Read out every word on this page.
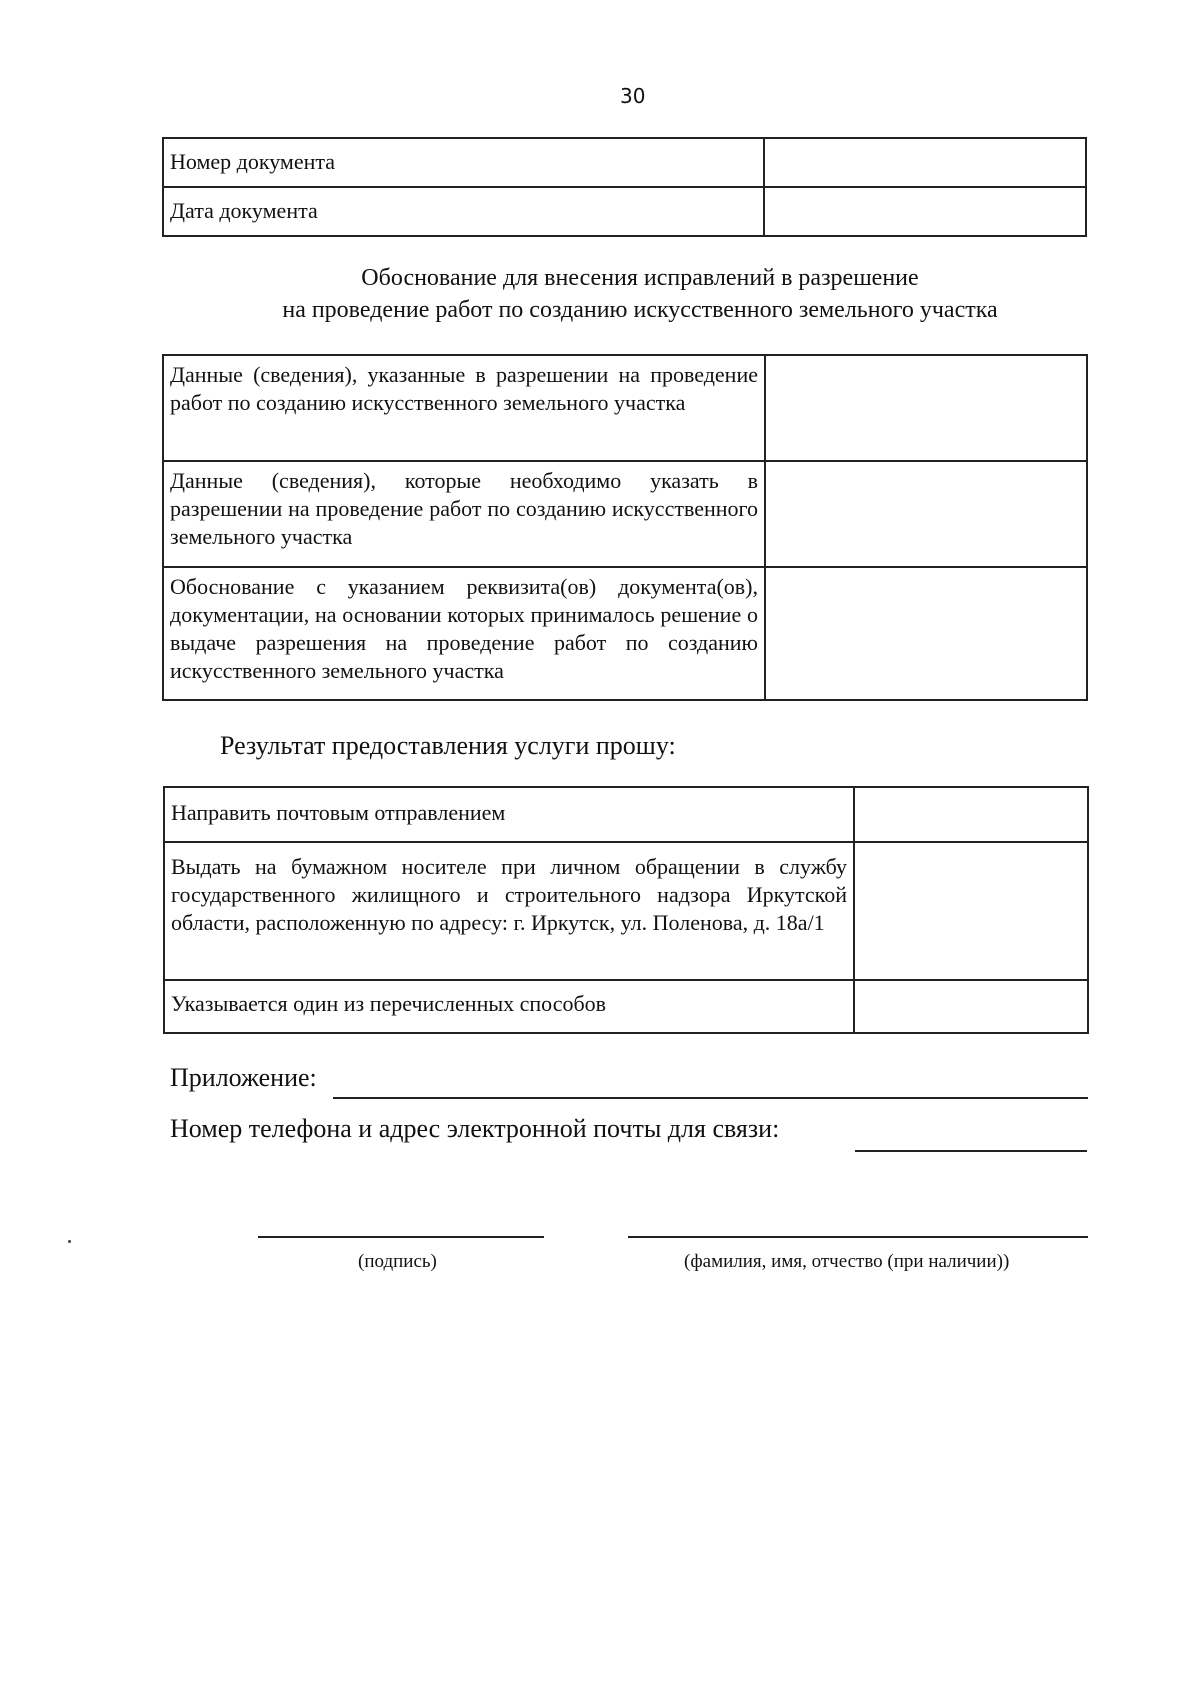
30
Номер документа	
Дата документа	
Обоснование для внесения исправлений в разрешение
на проведение работ по созданию искусственного земельного участка
Данные (сведения), указанные в разрешении на проведение работ по созданию искусственного земельного участка	
Данные (сведения), которые необходимо указать в разрешении на проведение работ по созданию искусственного земельного участка	
Обоснование с указанием реквизита(ов) документа(ов), документации, на основании которых принималось решение о выдаче разрешения на проведение работ по созданию искусственного земельного участка	
Результат предоставления услуги прошу:
Направить почтовым отправлением	
Выдать на бумажном носителе при личном обращении в службу государственного жилищного и строительного надзора Иркутской области, расположенную по адресу: г. Иркутск, ул. Поленова, д. 18а/1	
Указывается один из перечисленных способов	
Приложение:
Номер телефона и адрес электронной почты для связи:
(подпись)	(фамилия, имя, отчество (при наличии))
